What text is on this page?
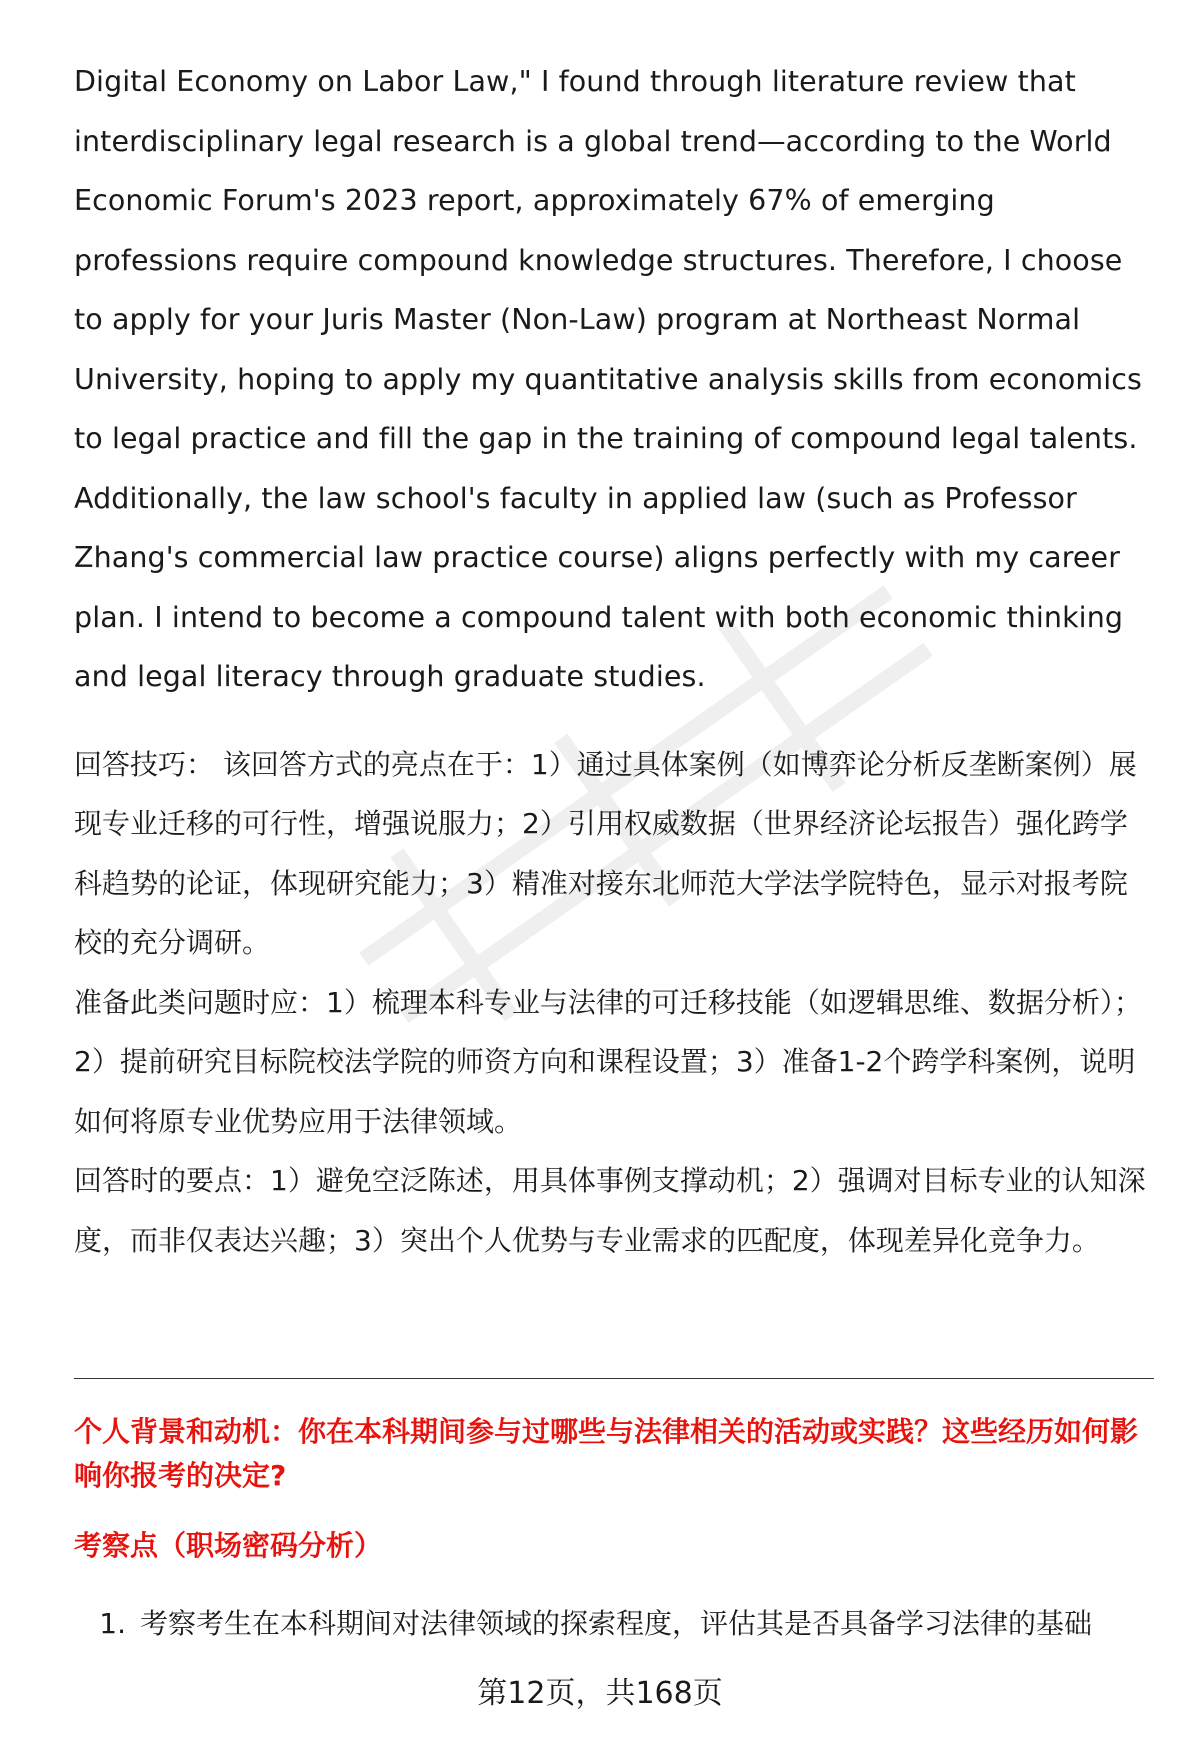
Digital Economy on Labor Law," I found through literature review that interdisciplinary legal research is a global trend—according to the World Economic Forum's 2023 report, approximately 67% of emerging professions require compound knowledge structures. Therefore, I choose to apply for your Juris Master (Non-Law) program at Northeast Normal University, hoping to apply my quantitative analysis skills from economics to legal practice and fill the gap in the training of compound legal talents. Additionally, the law school's faculty in applied law (such as Professor Zhang's commercial law practice course) aligns perfectly with my career plan. I intend to become a compound talent with both economic thinking and legal literacy through graduate studies.

回答技巧： 该回答方式的亮点在于：1）通过具体案例（如博弈论分析反垄断案例）展现专业迁移的可行性，增强说服力；2）引用权威数据（世界经济论坛报告）强化跨学科趋势的论证，体现研究能力；3）精准对接东北师范大学法学院特色，显示对报考院校的充分调研。

准备此类问题时应：1）梳理本科专业与法律的可迁移技能（如逻辑思维、数据分析）；2）提前研究目标院校法学院的师资方向和课程设置；3）准备1-2个跨学科案例，说明如何将原专业优势应用于法律领域。

回答时的要点：1）避免空泛陈述，用具体事例支撑动机；2）强调对目标专业的认知深度，而非仅表达兴趣；3）突出个人优势与专业需求的匹配度，体现差异化竞争力。

个人背景和动机：你在本科期间参与过哪些与法律相关的活动或实践？这些经历如何影响你报考的决定?

考察点（职场密码分析）

1. 考察考生在本科期间对法律领域的探索程度，评估其是否具备学习法律的基础
第12页，共168页
